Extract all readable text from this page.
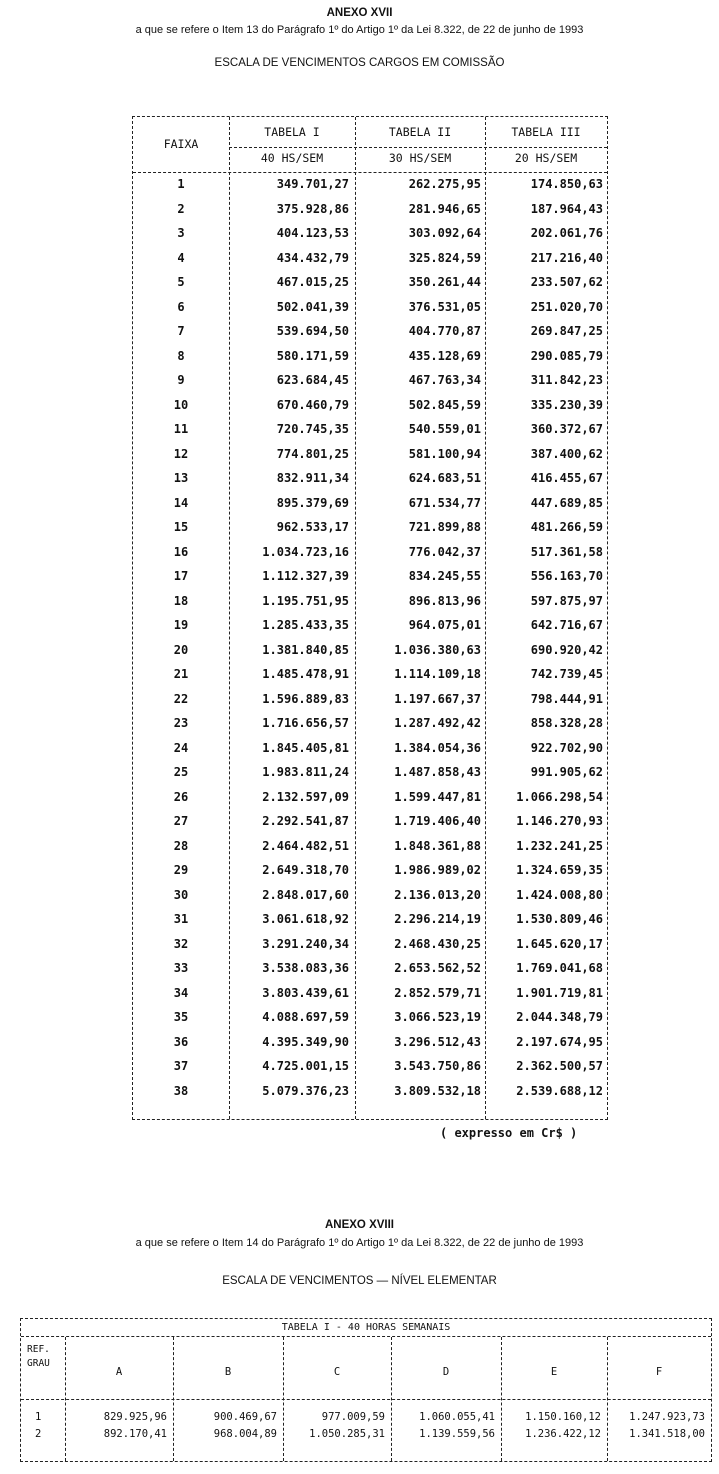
ANEXO XVII
a que se refere o Item 13 do Parágrafo 1º do Artigo 1º da Lei 8.322, de 22 de junho de 1993
ESCALA DE VENCIMENTOS CARGOS EM COMISSÃO
FAIXA
TABELA I
40 HS/SEM
TABELA II
30 HS/SEM
TABELA III
20 HS/SEM
1	349.701,27	262.275,95	174.850,63
2	375.928,86	281.946,65	187.964,43
3	404.123,53	303.092,64	202.061,76
4	434.432,79	325.824,59	217.216,40
5	467.015,25	350.261,44	233.507,62
6	502.041,39	376.531,05	251.020,70
7	539.694,50	404.770,87	269.847,25
8	580.171,59	435.128,69	290.085,79
9	623.684,45	467.763,34	311.842,23
10	670.460,79	502.845,59	335.230,39
11	720.745,35	540.559,01	360.372,67
12	774.801,25	581.100,94	387.400,62
13	832.911,34	624.683,51	416.455,67
14	895.379,69	671.534,77	447.689,85
15	962.533,17	721.899,88	481.266,59
16	1.034.723,16	776.042,37	517.361,58
17	1.112.327,39	834.245,55	556.163,70
18	1.195.751,95	896.813,96	597.875,97
19	1.285.433,35	964.075,01	642.716,67
20	1.381.840,85	1.036.380,63	690.920,42
21	1.485.478,91	1.114.109,18	742.739,45
22	1.596.889,83	1.197.667,37	798.444,91
23	1.716.656,57	1.287.492,42	858.328,28
24	1.845.405,81	1.384.054,36	922.702,90
25	1.983.811,24	1.487.858,43	991.905,62
26	2.132.597,09	1.599.447,81	1.066.298,54
27	2.292.541,87	1.719.406,40	1.146.270,93
28	2.464.482,51	1.848.361,88	1.232.241,25
29	2.649.318,70	1.986.989,02	1.324.659,35
30	2.848.017,60	2.136.013,20	1.424.008,80
31	3.061.618,92	2.296.214,19	1.530.809,46
32	3.291.240,34	2.468.430,25	1.645.620,17
33	3.538.083,36	2.653.562,52	1.769.041,68
34	3.803.439,61	2.852.579,71	1.901.719,81
35	4.088.697,59	3.066.523,19	2.044.348,79
36	4.395.349,90	3.296.512,43	2.197.674,95
37	4.725.001,15	3.543.750,86	2.362.500,57
38	5.079.376,23	3.809.532,18	2.539.688,12
( expresso em Cr$ )
ANEXO XVIII
a que se refere o Item 14 do Parágrafo 1º do Artigo 1º da Lei 8.322, de 22 de junho de 1993
ESCALA DE VENCIMENTOS — NÍVEL ELEMENTAR
TABELA I - 40 HORAS SEMANAIS
REF.
GRAU
A	B	C	D	E	F
1	829.925,96	900.469,67	977.009,59	1.060.055,41	1.150.160,12	1.247.923,73
2	892.170,41	968.004,89	1.050.285,31	1.139.559,56	1.236.422,12	1.341.518,00
